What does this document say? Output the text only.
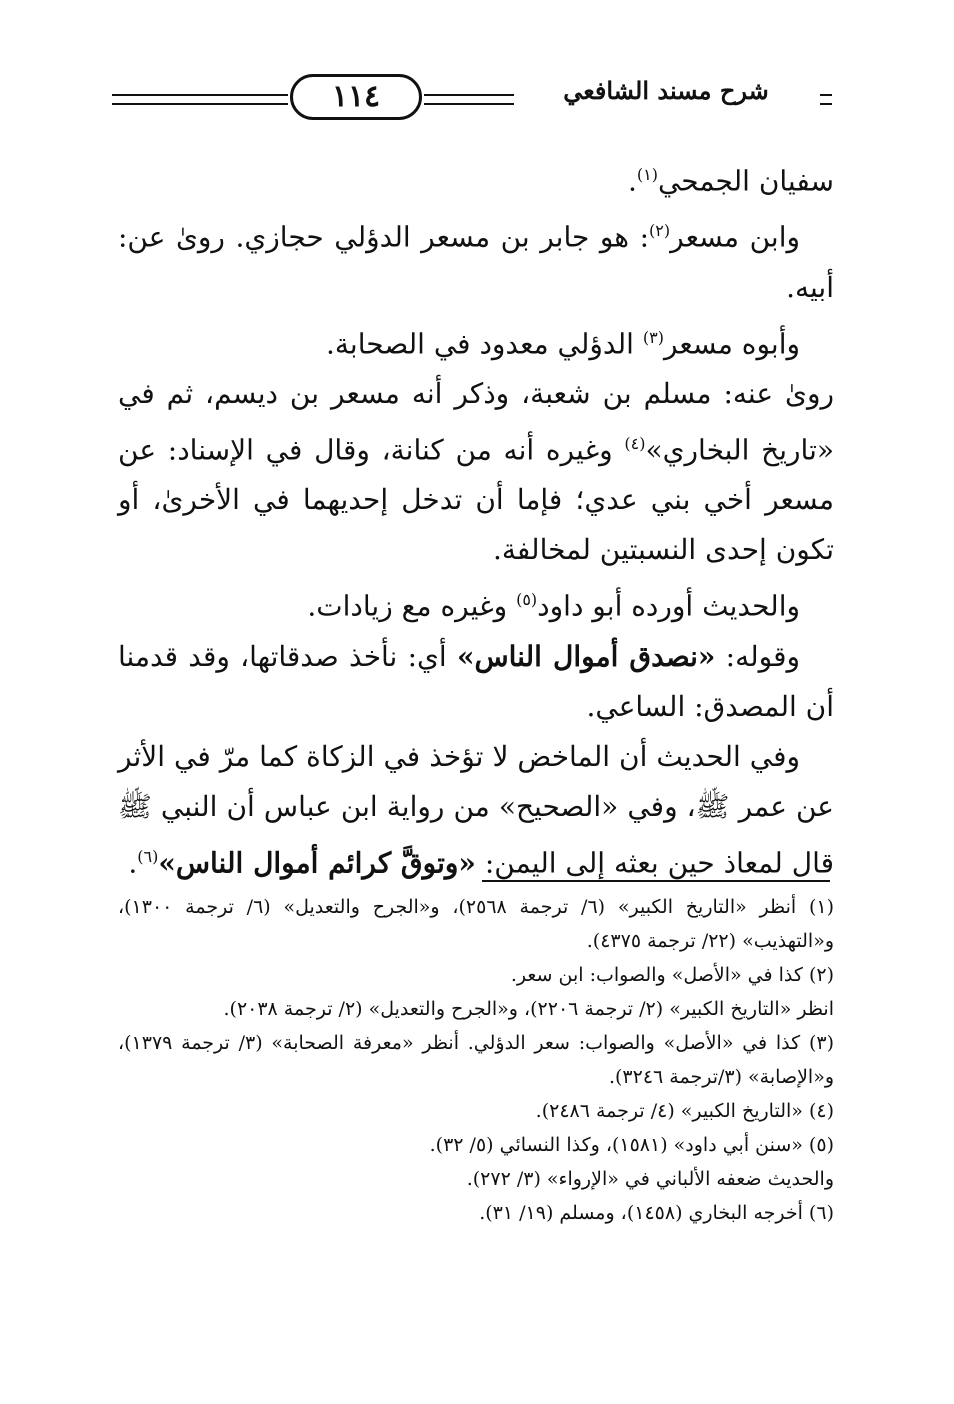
١١٤	شرح مسند الشافعي

سفيان الجمحي$^{(١)}$.

وابن مسعر$^{(٢)}$: هو جابر بن مسعر الدؤلي حجازي. روىٰ عن: أبيه.

وأبوه مسعر$^{(٣)}$ الدؤلي معدود في الصحابة.

روىٰ عنه: مسلم بن شعبة، وذكر أنه مسعر بن ديسم، ثم في «تاريخ البخاري»$^{(٤)}$ وغيره أنه من كنانة، وقال في الإسناد: عن مسعر أخي بني عدي؛ فإما أن تدخل إحديهما في الأخرىٰ، أو تكون إحدى النسبتين لمخالفة.

والحديث أورده أبو داود$^{(٥)}$ وغيره مع زيادات.

وقوله: «نصدق أموال الناس» أي: نأخذ صدقاتها، وقد قدمنا أن المصدق: الساعي.

وفي الحديث أن الماخض لا تؤخذ في الزكاة كما مرّ في الأثر عن عمر ﷺ، وفي «الصحيح» من رواية ابن عباس أن النبي ﷺ قال لمعاذ حين بعثه إلى اليمن: «وتوقَّ كرائم أموال الناس»$^{(٦)}$.

(١) أنظر «التاريخ الكبير» (٦/ ترجمة ٢٥٦٨)، و«الجرح والتعديل» (٦/ ترجمة ١٣٠٠)، و«التهذيب» (٢٢/ ترجمة ٤٣٧٥).

(٢) كذا في «الأصل» والصواب: ابن سعر.

انظر «التاريخ الكبير» (٢/ ترجمة ٢٢٠٦)، و«الجرح والتعديل» (٢/ ترجمة ٢٠٣٨).

(٣) كذا في «الأصل» والصواب: سعر الدؤلي. أنظر «معرفة الصحابة» (٣/ ترجمة ١٣٧٩)، و«الإصابة» (٣/ترجمة ٣٢٤٦).

(٤) «التاريخ الكبير» (٤/ ترجمة ٢٤٨٦).

(٥) «سنن أبي داود» (١٥٨١)، وكذا النسائي (٥/ ٣٢).

والحديث ضعفه الألباني في «الإرواء» (٣/ ٢٧٢).

(٦) أخرجه البخاري (١٤٥٨)، ومسلم (١٩/ ٣١).
